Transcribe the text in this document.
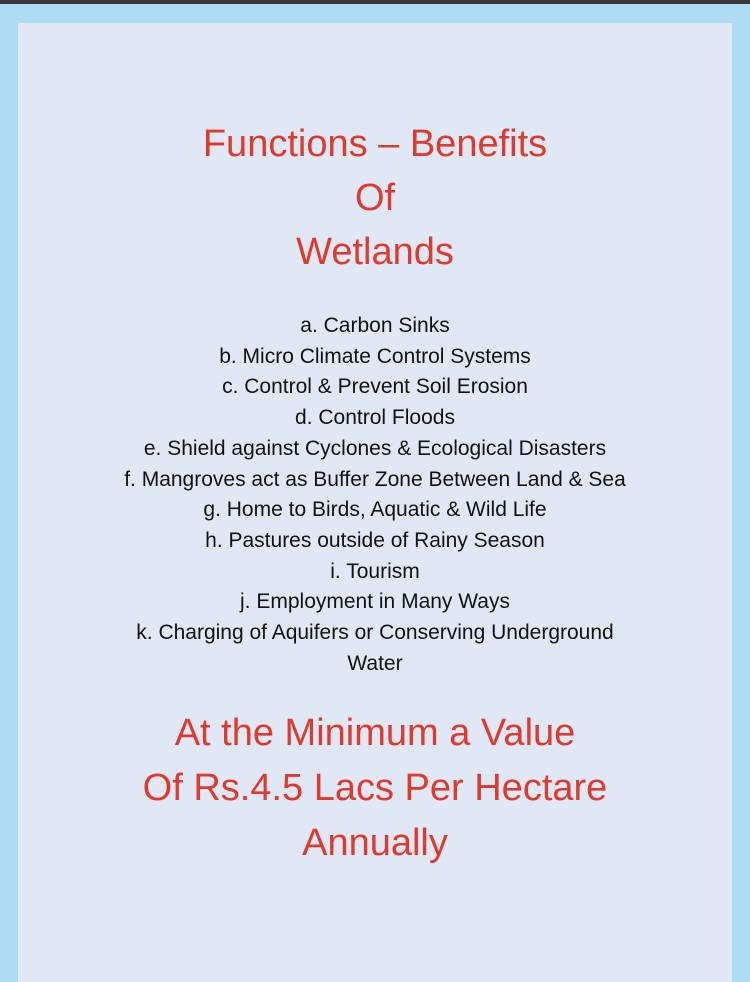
Functions – Benefits
Of
Wetlands
a. Carbon Sinks
b. Micro Climate Control Systems
c. Control & Prevent Soil Erosion
d. Control Floods
e. Shield against Cyclones & Ecological Disasters
f. Mangroves act as Buffer Zone Between Land & Sea
g. Home to Birds, Aquatic & Wild Life
h. Pastures outside of Rainy Season
i. Tourism
j. Employment in Many Ways
k. Charging of Aquifers or Conserving Underground
Water
At the Minimum a Value
Of Rs.4.5 Lacs Per Hectare
Annually
